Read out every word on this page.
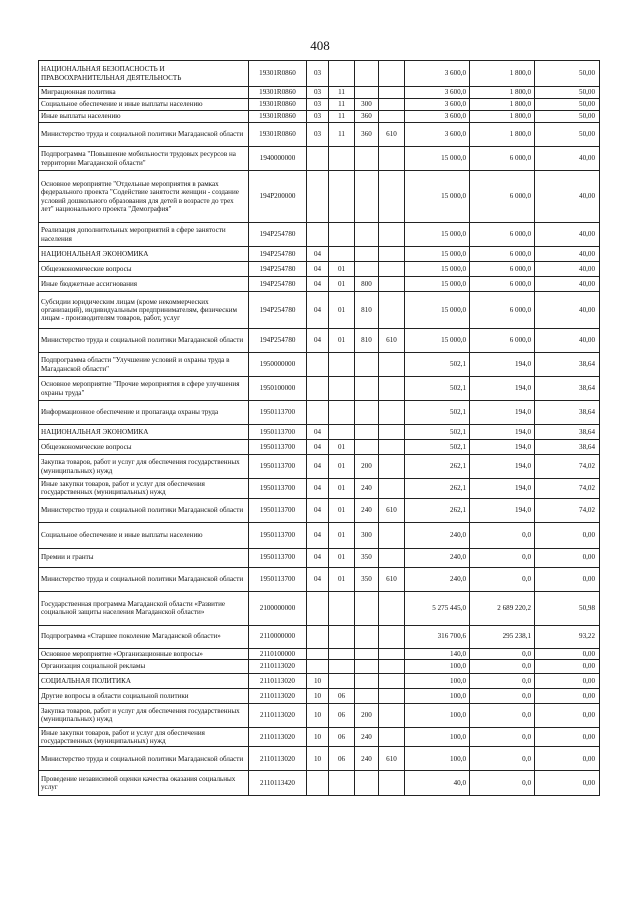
408
НАЦИОНАЛЬНАЯ БЕЗОПАСНОСТЬ И ПРАВООХРАНИТЕЛЬНАЯ ДЕЯТЕЛЬНОСТЬ	19301R0860	03				3 600,0	1 800,0	50,00
Миграционная политика	19301R0860	03	11			3 600,0	1 800,0	50,00
Социальное обеспечение и иные выплаты населению	19301R0860	03	11	300		3 600,0	1 800,0	50,00
Иные выплаты населению	19301R0860	03	11	360		3 600,0	1 800,0	50,00
Министерство труда и социальной политики Магаданской области	19301R0860	03	11	360	610	3 600,0	1 800,0	50,00
Подпрограмма "Повышение мобильности трудовых ресурсов на территории Магаданской области"	1940000000					15 000,0	6 000,0	40,00
Основное мероприятие "Отдельные мероприятия в рамках федерального проекта "Содействие занятости женщин - создание условий дошкольного образования для детей в возрасте до трех лет" национального проекта "Демография"	194P200000					15 000,0	6 000,0	40,00
Реализация дополнительных мероприятий в сфере занятости населения	194P254780					15 000,0	6 000,0	40,00
НАЦИОНАЛЬНАЯ ЭКОНОМИКА	194P254780	04				15 000,0	6 000,0	40,00
Общеэкономические вопросы	194P254780	04	01			15 000,0	6 000,0	40,00
Иные бюджетные ассигнования	194P254780	04	01	800		15 000,0	6 000,0	40,00
Субсидии юридическим лицам (кроме некоммерческих организаций), индивидуальным предпринимателям, физическим лицам - производителям товаров, работ, услуг	194P254780	04	01	810		15 000,0	6 000,0	40,00
Министерство труда и социальной политики Магаданской области	194P254780	04	01	810	610	15 000,0	6 000,0	40,00
Подпрограмма области "Улучшение условий и охраны труда в Магаданской области"	1950000000					502,1	194,0	38,64
Основное мероприятие "Прочие мероприятия в сфере улучшения охраны труда"	1950100000					502,1	194,0	38,64
Информационное обеспечение и пропаганда охраны труда	1950113700					502,1	194,0	38,64
НАЦИОНАЛЬНАЯ ЭКОНОМИКА	1950113700	04				502,1	194,0	38,64
Общеэкономические вопросы	1950113700	04	01			502,1	194,0	38,64
Закупка товаров, работ и услуг для обеспечения государственных (муниципальных) нужд	1950113700	04	01	200		262,1	194,0	74,02
Иные закупки товаров, работ и услуг для обеспечения государственных (муниципальных) нужд	1950113700	04	01	240		262,1	194,0	74,02
Министерство труда и социальной политики Магаданской области	1950113700	04	01	240	610	262,1	194,0	74,02
Социальное обеспечение и иные выплаты населению	1950113700	04	01	300		240,0	0,0	0,00
Премии и гранты	1950113700	04	01	350		240,0	0,0	0,00
Министерство труда и социальной политики Магаданской области	1950113700	04	01	350	610	240,0	0,0	0,00
Государственная программа Магаданской области «Развитие социальной защиты населения Магаданской области»	2100000000					5 275 445,0	2 689 220,2	50,98
Подпрограмма «Старшее поколение Магаданской области»	2110000000					316 700,6	295 238,1	93,22
Основное мероприятие «Организационные вопросы»	2110100000					140,0	0,0	0,00
Организация социальной рекламы	2110113020					100,0	0,0	0,00
СОЦИАЛЬНАЯ ПОЛИТИКА	2110113020	10				100,0	0,0	0,00
Другие вопросы в области социальной политики	2110113020	10	06			100,0	0,0	0,00
Закупка товаров, работ и услуг для обеспечения государственных (муниципальных) нужд	2110113020	10	06	200		100,0	0,0	0,00
Иные закупки товаров, работ и услуг для обеспечения государственных (муниципальных) нужд	2110113020	10	06	240		100,0	0,0	0,00
Министерство труда и социальной политики Магаданской области	2110113020	10	06	240	610	100,0	0,0	0,00
Проведение независимой оценки качества оказания социальных услуг	2110113420					40,0	0,0	0,00
